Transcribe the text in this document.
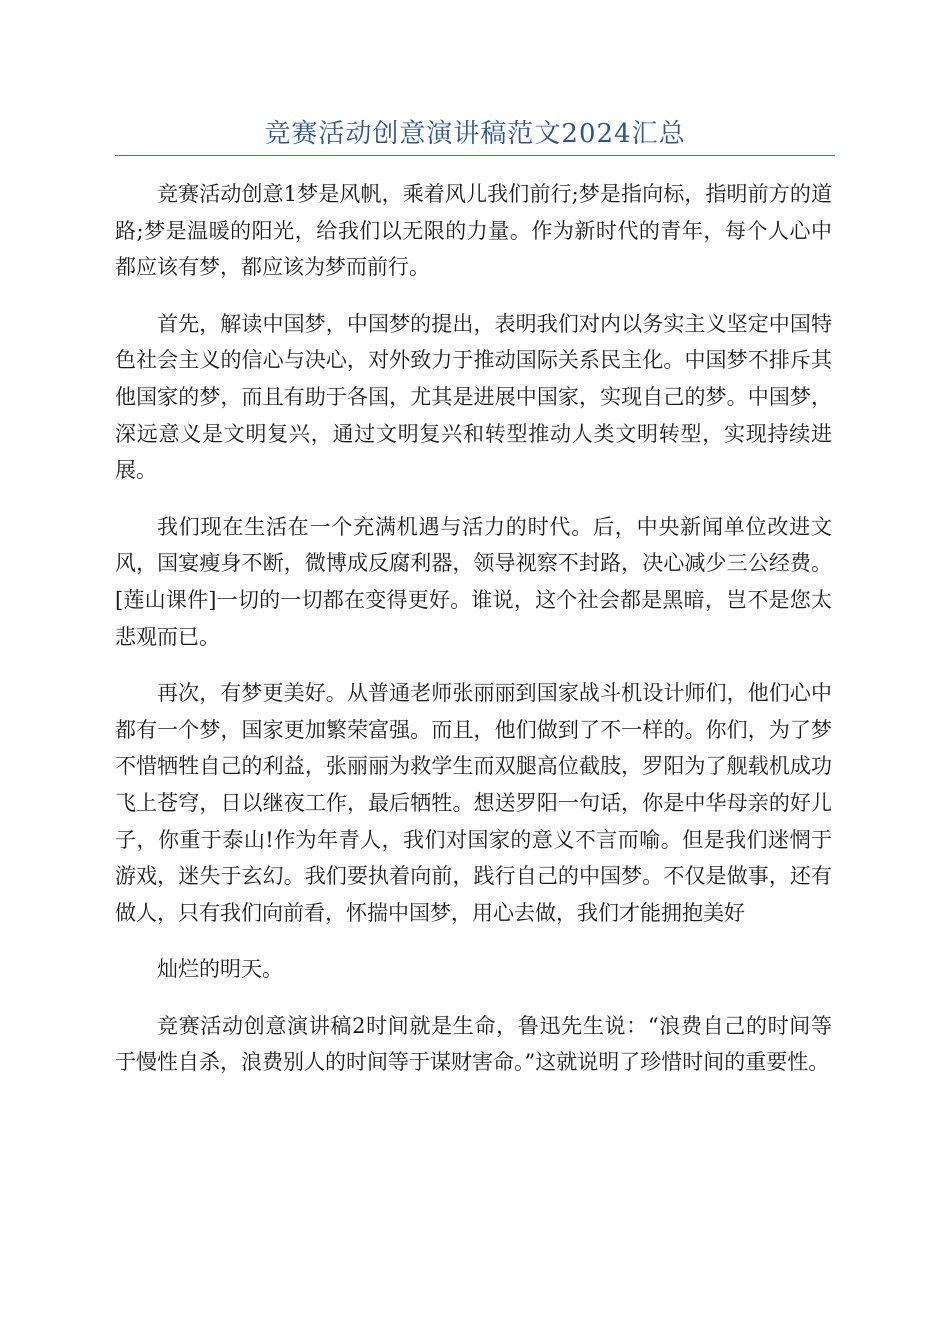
竞赛活动创意演讲稿范文2024汇总

竞赛活动创意1梦是风帆，乘着风儿我们前行;梦是指向标，指明前方的道路;梦是温暖的阳光，给我们以无限的力量。作为新时代的青年，每个人心中都应该有梦，都应该为梦而前行。

首先，解读中国梦，中国梦的提出，表明我们对内以务实主义坚定中国特色社会主义的信心与决心，对外致力于推动国际关系民主化。中国梦不排斥其他国家的梦，而且有助于各国，尤其是进展中国家，实现自己的梦。中国梦，深远意义是文明复兴，通过文明复兴和转型推动人类文明转型，实现持续进展。

我们现在生活在一个充满机遇与活力的时代。后，中央新闻单位改进文风，国宴瘦身不断，微博成反腐利器，领导视察不封路，决心减少三公经费。[莲山课件]一切的一切都在变得更好。谁说，这个社会都是黑暗，岂不是您太悲观而已。

再次，有梦更美好。从普通老师张丽丽到国家战斗机设计师们，他们心中都有一个梦，国家更加繁荣富强。而且，他们做到了不一样的。你们，为了梦不惜牺牲自己的利益，张丽丽为救学生而双腿高位截肢，罗阳为了舰载机成功飞上苍穹，日以继夜工作，最后牺牲。想送罗阳一句话，你是中华母亲的好儿子，你重于泰山!作为年青人，我们对国家的意义不言而喻。但是我们迷惘于游戏，迷失于玄幻。我们要执着向前，践行自己的中国梦。不仅是做事，还有做人，只有我们向前看，怀揣中国梦，用心去做，我们才能拥抱美好

灿烂的明天。

竞赛活动创意演讲稿2时间就是生命，鲁迅先生说：“浪费自己的时间等于慢性自杀，浪费别人的时间等于谋财害命。”这就说明了珍惜时间的重要性。
